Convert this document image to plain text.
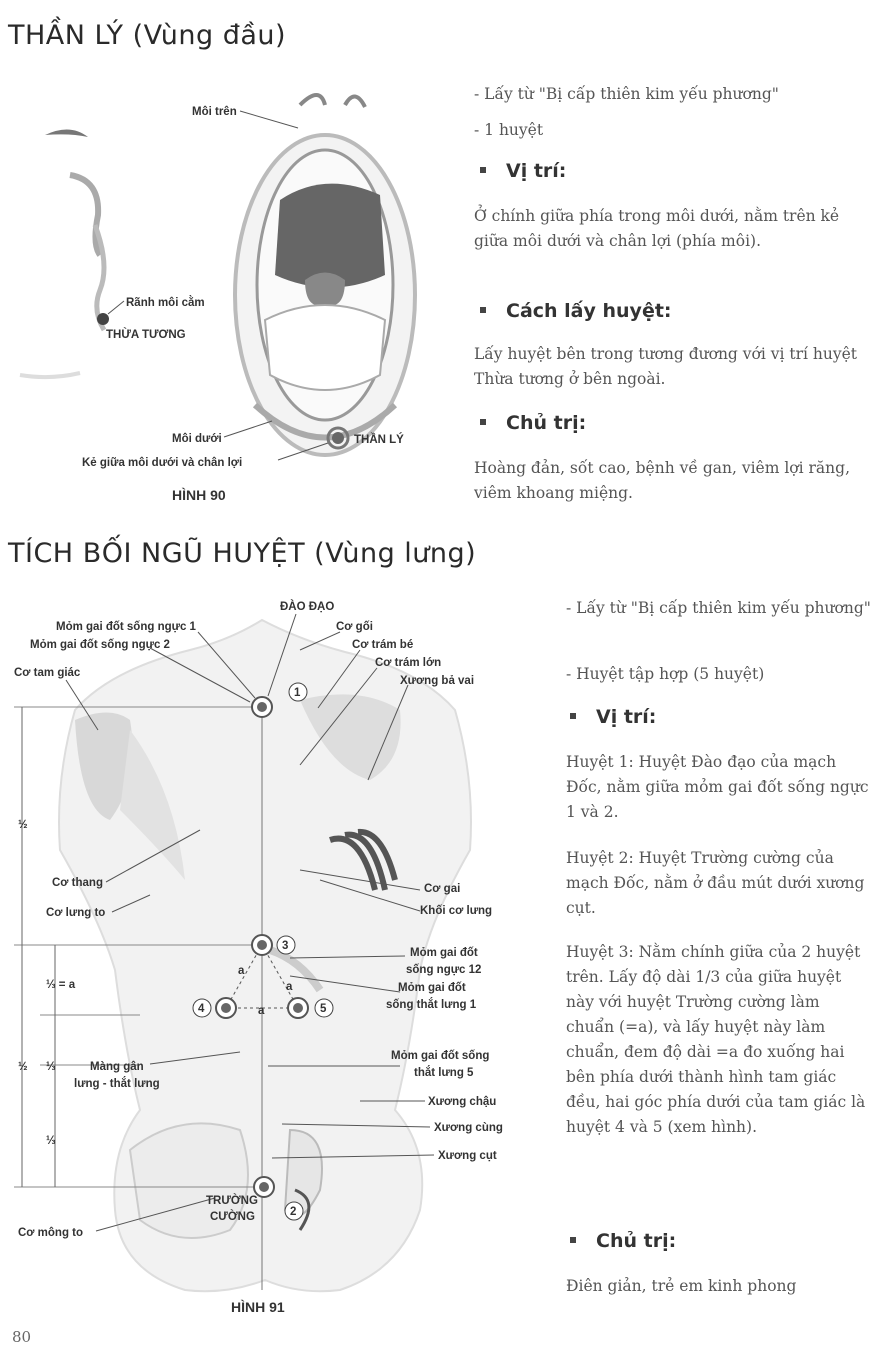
THẦN LÝ (Vùng đầu)
Môi trên
Rãnh môi cằm
THỪA TƯƠNG
Môi dưới	THẦN LÝ
Kẻ giữa môi dưới và chân lợi
HÌNH 90

- Lấy từ "Bị cấp thiên kim yếu phương"

- 1 huyệt

Vị trí:

Ở chính giữa phía trong môi dưới, nằm trên kẻ giữa môi dưới và chân lợi (phía môi).

Cách lấy huyệt:

Lấy huyệt bên trong tương đương với vị trí huyệt Thừa tương ở bên ngoài.

Chủ trị:

Hoàng đản, sốt cao, bệnh về gan, viêm lợi răng, viêm khoang miệng.

TÍCH BỐI NGŨ HUYỆT (Vùng lưng)
1
3
4	5
2
ĐÀO ĐẠO
Mỏm gai đốt sống ngực 1	Cơ gối
Mỏm gai đốt sống ngực 2	Cơ trám bé
Cơ tam giác
Cơ trám lớn
Xương bả vai
½
Cơ thang	Cơ gai
Cơ lưng to	Khối cơ lưng
Mỏm gai đốt
sống ngực 12
⅓ = a
a
a
a
Mỏm gai đốt
sống thắt lưng 1
½ ⅓	Màng gân
lưng - thắt lưng
Mỏm gai đốt sống
thắt lưng 5
Xương chậu
Xương cùng
⅓
Xương cụt
TRƯỜNG
CƯỜNG
Cơ mông to
HÌNH 91

- Lấy từ "Bị cấp thiên kim yếu phương"

- Huyệt tập hợp (5 huyệt)

Vị trí:

Huyệt 1: Huyệt Đào đạo của mạch Đốc, nằm giữa mỏm gai đốt sống ngực 1 và 2.

Huyệt 2: Huyệt Trường cường của mạch Đốc, nằm ở đầu mút dưới xương cụt.

Huyệt 3: Nằm chính giữa của 2 huyệt trên. Lấy độ dài 1/3 của giữa huyệt này với huyệt Trường cường làm chuẩn (=a), và lấy huyệt này làm chuẩn, đem độ dài =a đo xuống hai bên phía dưới thành hình tam giác đều, hai góc phía dưới của tam giác là huyệt 4 và 5 (xem hình).

Chủ trị:

Điên giản, trẻ em kinh phong

80
